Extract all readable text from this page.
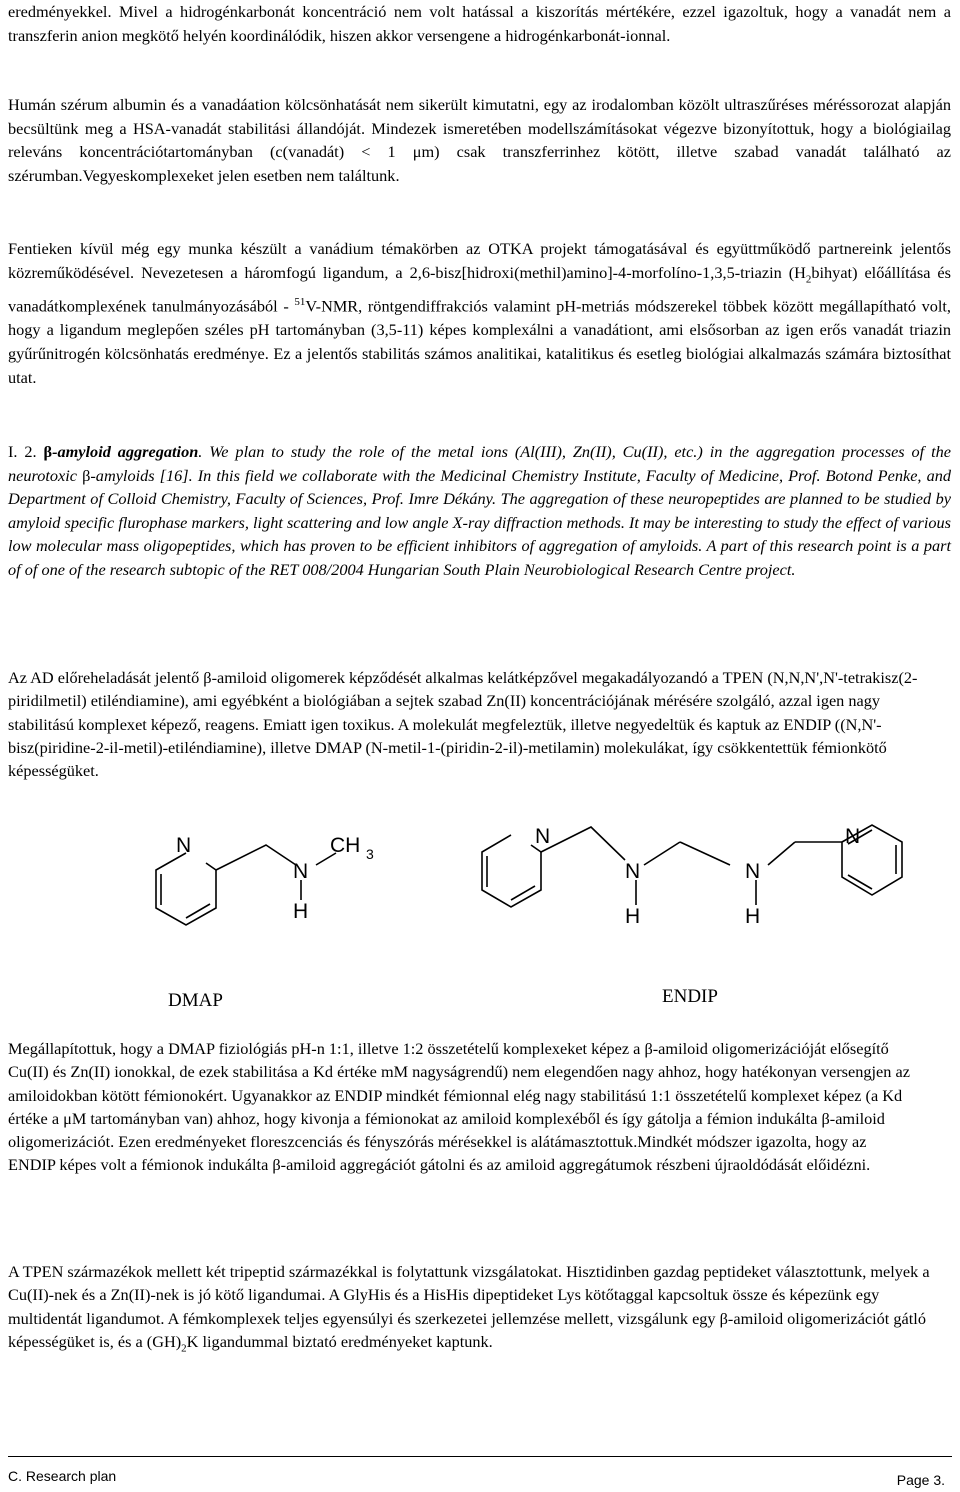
eredményekkel. Mivel a hidrogénkarbonát koncentráció nem volt hatással a kiszorítás mértékére, ezzel igazoltuk, hogy a vanadát nem a transzferin anion megkötő helyén koordinálódik, hiszen akkor versengene a hidrogénkarbonát-ionnal.

Humán szérum albumin és a vanadáation kölcsönhatását nem sikerült kimutatni, egy az irodalomban közölt ultraszűréses méréssorozat alapján becsültünk meg a HSA-vanadát stabilitási állandóját. Mindezek ismeretében modellszámításokat végezve bizonyítottuk, hogy a biológiailag releváns koncentrációtartományban (c(vanadát) < 1 μm) csak transzferrinhez kötött, illetve szabad vanadát található az szérumban.Vegyeskomplexeket jelen esetben nem találtunk.

Fentieken kívül még egy munka készült a vanádium témakörben az OTKA projekt támogatásával és együttműködő partnereink jelentős közreműködésével. Nevezetesen a háromfogú ligandum, a 2,6-bisz[hidroxi(methil)amino]-4-morfolíno-1,3,5-triazin $(H_2bihyat)$ előállítása és vanadátkomplexének tanulmányozásából - $^{51}$V-NMR, röntgendiffrakciós valamint pH-metriás módszerekel többek között megállapítható volt, hogy a ligandum meglepően széles pH tartományban (3,5-11) képes komplexálni a vanadátiont, ami elsősorban az igen erős vanadát triazin gyűrűnitrogén kölcsönhatás eredménye. Ez a jelentős stabilitás számos analitikai, katalitikus és esetleg biológiai alkalmazás számára biztosíthat utat.

I. 2. β-amyloid aggregation. We plan to study the role of the metal ions (Al(III), Zn(II), Cu(II), etc.) in the aggregation processes of the neurotoxic β-amyloids [16]. In this field we collaborate with the Medicinal Chemistry Institute, Faculty of Medicine, Prof. Botond Penke, and Department of Colloid Chemistry, Faculty of Sciences, Prof. Imre Dékány. The aggregation of these neuropeptides are planned to be studied by amyloid specific flurophase markers, light scattering and low angle X-ray diffraction methods. It may be interesting to study the effect of various low molecular mass oligopeptides, which has proven to be efficient inhibitors of aggregation of amyloids. A part of this research point is a part of of one of the research subtopic of the RET 008/2004 Hungarian South Plain Neurobiological Research Centre project.

Az AD előreheladását jelentő β-amiloid oligomerek képződését alkalmas kelátképzővel megakadályozandó a TPEN (N,N,N',N'-tetrakisz(2-piridilmetil) etiléndiamine), ami egyébként a biológiában a sejtek szabad Zn(II) koncentrációjának mérésére szolgáló, azzal igen nagy stabilitású komplexet képező, reagens. Emiatt igen toxikus. A molekulát megfeleztük, illetve negyedeltük és kaptuk az ENDIP ((N,N'-bisz(piridine-2-il-metil)-etiléndiamine), illetve DMAP (N-metil-1-(piridin-2-il)-metilamin) molekulákat, így csökkentettük fémionkötő képességüket.

N
N
H
CH 3
N
N
H
N
H
N
DMAP	ENDIP

Megállapítottuk, hogy a DMAP fiziológiás pH-n 1:1, illetve 1:2 összetételű komplexeket képez a β-amiloid oligomerizációját elősegítő Cu(II) és Zn(II) ionokkal, de ezek stabilitása a Kd értéke mM nagyságrendű) nem elegendően nagy ahhoz, hogy hatékonyan versengjen az amiloidokban kötött fémionokért. Ugyanakkor az ENDIP mindkét fémionnal elég nagy stabilitású 1:1 összetételű komplexet képez (a Kd értéke a μM tartományban van) ahhoz, hogy kivonja a fémionokat az amiloid komplexéből és így gátolja a fémion indukálta β-amiloid oligomerizációt. Ezen eredményeket floreszcenciás és fényszórás mérésekkel is alátámasztottuk.Mindkét módszer igazolta, hogy az ENDIP képes volt a fémionok indukálta β-amiloid aggregációt gátolni és az amiloid aggregátumok részbeni újraoldódását előidézni.

A TPEN származékok mellett két tripeptid származékkal is folytattunk vizsgálatokat. Hisztidinben gazdag peptideket választottunk, melyek a Cu(II)-nek és a Zn(II)-nek is jó kötő ligandumai. A GlyHis és a HisHis dipeptideket Lys kötőtaggal kapcsoltuk össze és képezünk egy multidentát ligandumot. A fémkomplexek teljes egyensúlyi és szerkezetei jellemzése mellett, vizsgálunk egy β-amiloid oligomerizációt gátló képességüket is, és a $(GH)_2K$ ligandummal biztató eredményeket kaptunk.

C. Research plan	Page 3.
